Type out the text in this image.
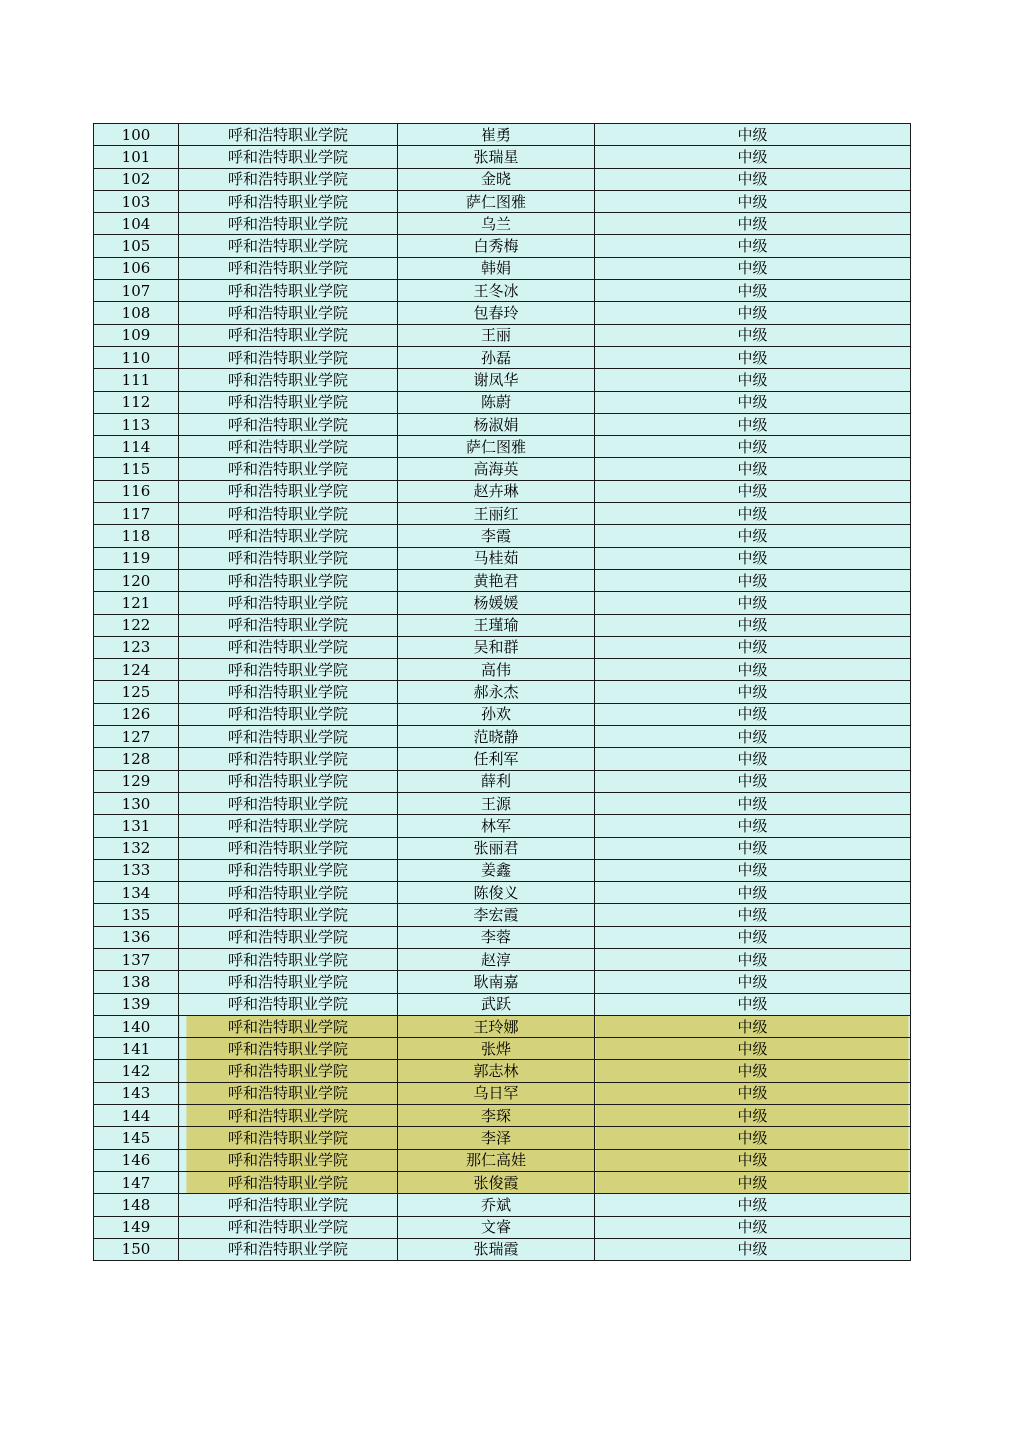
100	呼和浩特职业学院	崔勇	中级
101	呼和浩特职业学院	张瑞星	中级
102	呼和浩特职业学院	金晓	中级
103	呼和浩特职业学院	萨仁图雅	中级
104	呼和浩特职业学院	乌兰	中级
105	呼和浩特职业学院	白秀梅	中级
106	呼和浩特职业学院	韩娟	中级
107	呼和浩特职业学院	王冬冰	中级
108	呼和浩特职业学院	包春玲	中级
109	呼和浩特职业学院	王丽	中级
110	呼和浩特职业学院	孙磊	中级
111	呼和浩特职业学院	谢凤华	中级
112	呼和浩特职业学院	陈蔚	中级
113	呼和浩特职业学院	杨淑娟	中级
114	呼和浩特职业学院	萨仁图雅	中级
115	呼和浩特职业学院	高海英	中级
116	呼和浩特职业学院	赵卉琳	中级
117	呼和浩特职业学院	王丽红	中级
118	呼和浩特职业学院	李霞	中级
119	呼和浩特职业学院	马桂茹	中级
120	呼和浩特职业学院	黄艳君	中级
121	呼和浩特职业学院	杨媛媛	中级
122	呼和浩特职业学院	王瑾瑜	中级
123	呼和浩特职业学院	吴和群	中级
124	呼和浩特职业学院	高伟	中级
125	呼和浩特职业学院	郝永杰	中级
126	呼和浩特职业学院	孙欢	中级
127	呼和浩特职业学院	范晓静	中级
128	呼和浩特职业学院	任利军	中级
129	呼和浩特职业学院	薛利	中级
130	呼和浩特职业学院	王源	中级
131	呼和浩特职业学院	林军	中级
132	呼和浩特职业学院	张丽君	中级
133	呼和浩特职业学院	姜鑫	中级
134	呼和浩特职业学院	陈俊义	中级
135	呼和浩特职业学院	李宏霞	中级
136	呼和浩特职业学院	李蓉	中级
137	呼和浩特职业学院	赵淳	中级
138	呼和浩特职业学院	耿南嘉	中级
139	呼和浩特职业学院	武跃	中级
140	呼和浩特职业学院	王玲娜	中级
141	呼和浩特职业学院	张烨	中级
142	呼和浩特职业学院	郭志林	中级
143	呼和浩特职业学院	乌日罕	中级
144	呼和浩特职业学院	李琛	中级
145	呼和浩特职业学院	李泽	中级
146	呼和浩特职业学院	那仁高娃	中级
147	呼和浩特职业学院	张俊霞	中级
148	呼和浩特职业学院	乔斌	中级
149	呼和浩特职业学院	文睿	中级
150	呼和浩特职业学院	张瑞霞	中级
